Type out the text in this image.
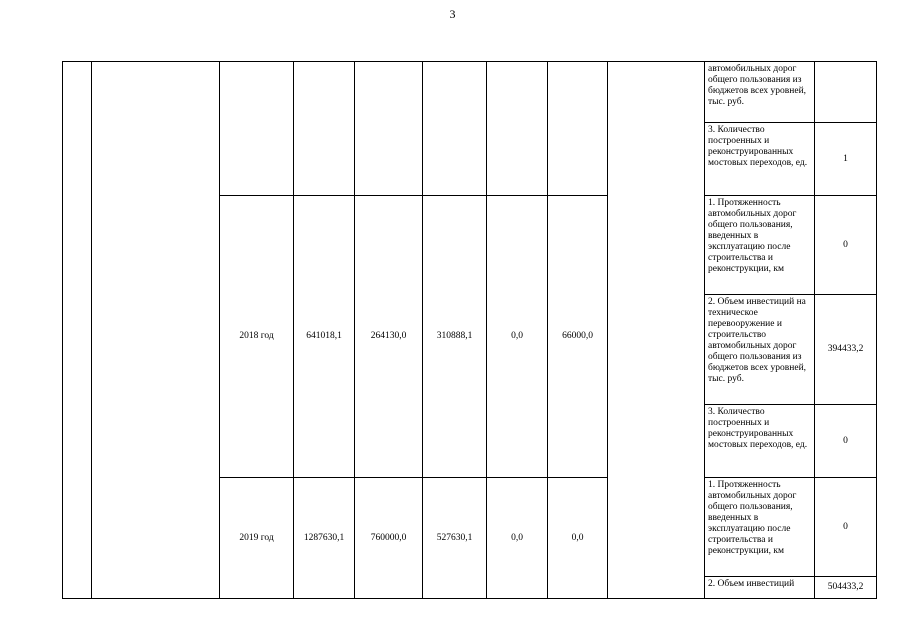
3
									автомобильных дорог общего пользования из бюджетов всех уровней, тыс. руб.	
									3. Количество построенных и реконструированных мостовых переходов, ед.	1
		2018 год	641018,1	264130,0	310888,1	0,0	66000,0		1. Протяженность автомобильных дорог общего пользования, введенных в эксплуатацию после строительства и реконструкции, км	0
									2. Объем инвестиций на техническое перевооружение и строительство автомобильных дорог общего пользования из бюджетов всех уровней, тыс. руб.	394433,2
									3. Количество построенных и реконструированных мостовых переходов, ед.	0
		2019 год	1287630,1	760000,0	527630,1	0,0	0,0		1. Протяженность автомобильных дорог общего пользования, введенных в эксплуатацию после строительства и реконструкции, км	0
									2. Объем инвестиций	504433,2
